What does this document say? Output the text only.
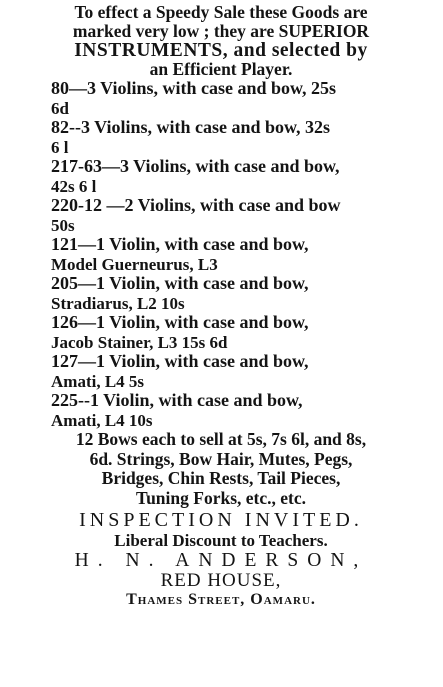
To effect a Speedy Sale these Goods are
marked very low ; they are SUPERIOR
INSTRUMENTS, and selected by
an Efficient Player.
80—3 Violins, with case and bow, 25s
6d
82--3 Violins, with case and bow, 32s
6 l
217-63—3 Violins, with case and bow,
42s 6 l
220-12 —2 Violins, with case and bow
50s
121—1 Violin, with case and bow,
Model Guerneurus, L3
205—1 Violin, with case and bow,
Stradiarus, L2 10s
126—1 Violin, with case and bow,
Jacob Stainer, L3 15s 6d
127—1 Violin, with case and bow,
Amati, L4 5s
225--1 Violin, with case and bow,
Amati, L4 10s
12 Bows each to sell at 5s, 7s 6l, and 8s,
6d. Strings, Bow Hair, Mutes, Pegs,
Bridges, Chin Rests, Tail Pieces,
Tuning Forks, etc., etc.
INSPECTION INVITED.
Liberal Discount to Teachers.
H. N. ANDERSON,
RED HOUSE,
Thames Street, Oamaru.
